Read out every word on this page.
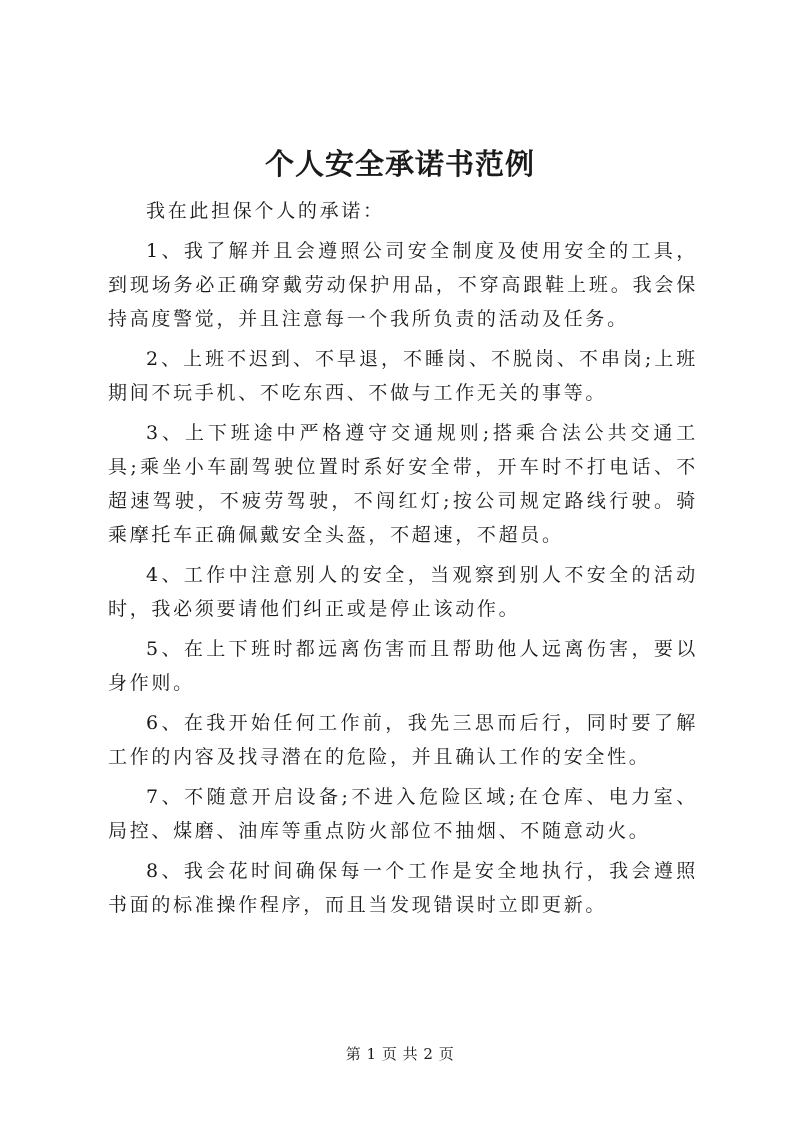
个人安全承诺书范例

我在此担保个人的承诺：

1、我了解并且会遵照公司安全制度及使用安全的工具，到现场务必正确穿戴劳动保护用品，不穿高跟鞋上班。我会保持高度警觉，并且注意每一个我所负责的活动及任务。

2、上班不迟到、不早退，不睡岗、不脱岗、不串岗;上班期间不玩手机、不吃东西、不做与工作无关的事等。

3、上下班途中严格遵守交通规则;搭乘合法公共交通工具;乘坐小车副驾驶位置时系好安全带，开车时不打电话、不超速驾驶，不疲劳驾驶，不闯红灯;按公司规定路线行驶。骑乘摩托车正确佩戴安全头盔，不超速，不超员。

4、工作中注意别人的安全，当观察到别人不安全的活动时，我必须要请他们纠正或是停止该动作。

5、在上下班时都远离伤害而且帮助他人远离伤害，要以身作则。

6、在我开始任何工作前，我先三思而后行，同时要了解工作的内容及找寻潜在的危险，并且确认工作的安全性。

7、不随意开启设备;不进入危险区域;在仓库、电力室、局控、煤磨、油库等重点防火部位不抽烟、不随意动火。

8、我会花时间确保每一个工作是安全地执行，我会遵照书面的标准操作程序，而且当发现错误时立即更新。

第 1 页 共 2 页
